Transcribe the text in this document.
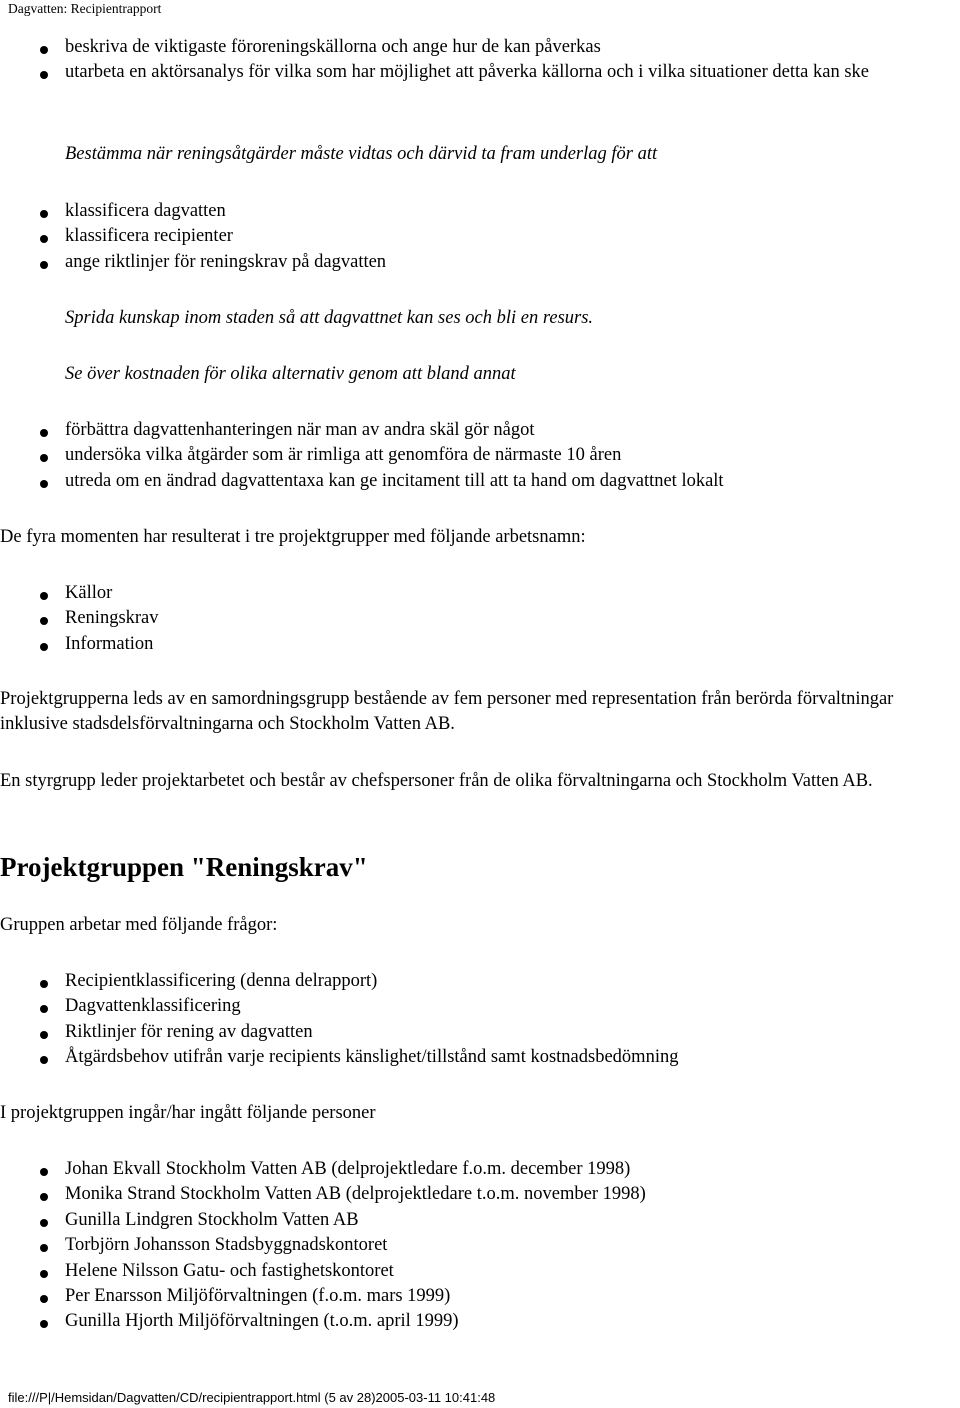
Dagvatten: Recipientrapport
beskriva de viktigaste föroreningskällorna och ange hur de kan påverkas
utarbeta en aktörsanalys för vilka som har möjlighet att påverka källorna och i vilka situationer detta kan ske

Bestämma när reningsåtgärder måste vidtas och därvid ta fram underlag för att

klassificera dagvatten
klassificera recipienter
ange riktlinjer för reningskrav på dagvatten

Sprida kunskap inom staden så att dagvattnet kan ses och bli en resurs.

Se över kostnaden för olika alternativ genom att bland annat

förbättra dagvattenhanteringen när man av andra skäl gör något
undersöka vilka åtgärder som är rimliga att genomföra de närmaste 10 åren
utreda om en ändrad dagvattentaxa kan ge incitament till att ta hand om dagvattnet lokalt

De fyra momenten har resulterat i tre projektgrupper med följande arbetsnamn:

Källor
Reningskrav
Information

Projektgrupperna leds av en samordningsgrupp bestående av fem personer med representation från berörda förvaltningar inklusive stadsdelsförvaltningarna och Stockholm Vatten AB.

En styrgrupp leder projektarbetet och består av chefspersoner från de olika förvaltningarna och Stockholm Vatten AB.

Projektgruppen "Reningskrav"

Gruppen arbetar med följande frågor:

Recipientklassificering (denna delrapport)
Dagvattenklassificering
Riktlinjer för rening av dagvatten
Åtgärdsbehov utifrån varje recipients känslighet/tillstånd samt kostnadsbedömning

I projektgruppen ingår/har ingått följande personer

Johan Ekvall Stockholm Vatten AB (delprojektledare f.o.m. december 1998)
Monika Strand Stockholm Vatten AB (delprojektledare t.o.m. november 1998)
Gunilla Lindgren Stockholm Vatten AB
Torbjörn Johansson Stadsbyggnadskontoret
Helene Nilsson Gatu- och fastighetskontoret
Per Enarsson Miljöförvaltningen (f.o.m. mars 1999)
Gunilla Hjorth Miljöförvaltningen (t.o.m. april 1999)
file:///P|/Hemsidan/Dagvatten/CD/recipientrapport.html (5 av 28)2005-03-11 10:41:48
